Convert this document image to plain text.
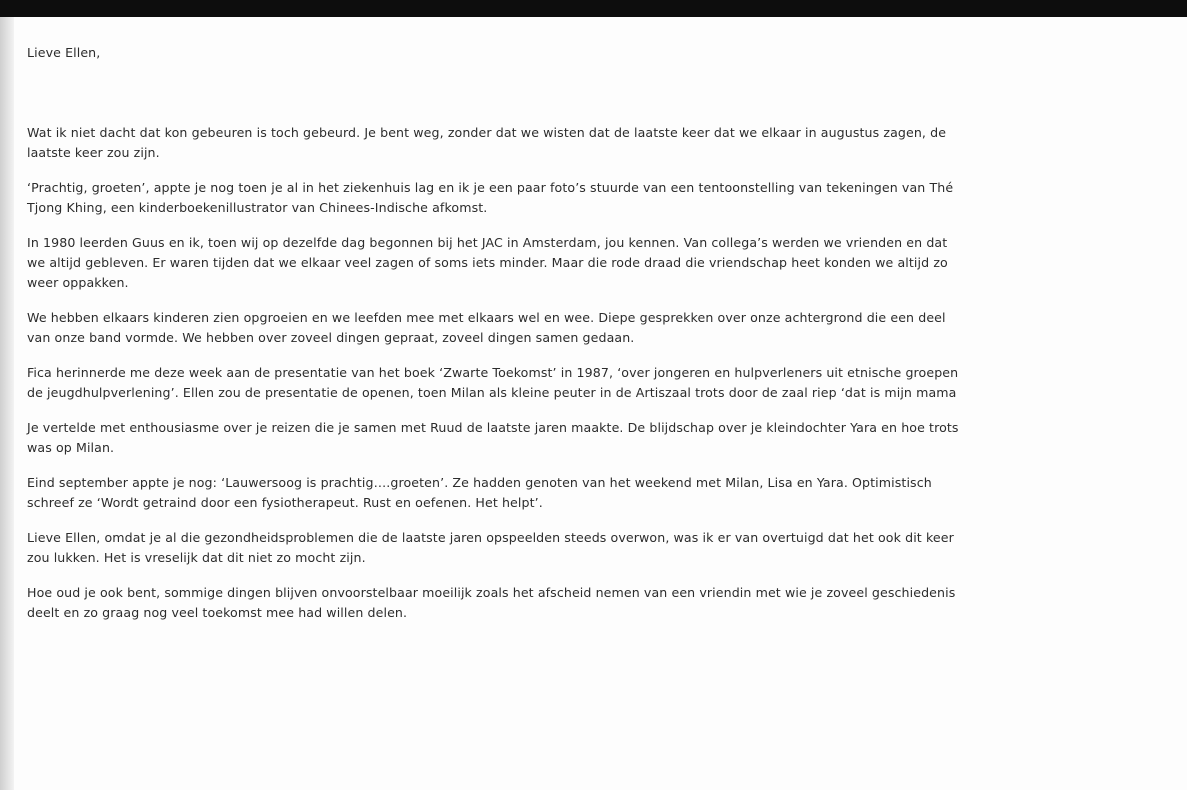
Lieve Ellen,
Wat ik niet dacht dat kon gebeuren is toch gebeurd. Je bent weg, zonder dat we wisten dat de laatste keer dat we elkaar in augustus zagen, de
laatste keer zou zijn.
‘Prachtig, groeten’, appte je nog toen je al in het ziekenhuis lag en ik je een paar foto’s stuurde van een tentoonstelling van tekeningen van Thé
Tjong Khing, een kinderboekenillustrator van Chinees-Indische afkomst.
In 1980 leerden Guus en ik, toen wij op dezelfde dag begonnen bij het JAC in Amsterdam, jou kennen. Van collega’s werden we vrienden en dat
we altijd gebleven. Er waren tijden dat we elkaar veel zagen of soms iets minder. Maar die rode draad die vriendschap heet konden we altijd zo
weer oppakken.
We hebben elkaars kinderen zien opgroeien en we leefden mee met elkaars wel en wee. Diepe gesprekken over onze achtergrond die een deel
van onze band vormde. We hebben over zoveel dingen gepraat, zoveel dingen samen gedaan.
Fica herinnerde me deze week aan de presentatie van het boek ‘Zwarte Toekomst’ in 1987, ‘over jongeren en hulpverleners uit etnische groepen
de jeugdhulpverlening’. Ellen zou de presentatie de openen, toen Milan als kleine peuter in de Artiszaal trots door de zaal riep ‘dat is mijn mama
Je vertelde met enthousiasme over je reizen die je samen met Ruud de laatste jaren maakte. De blijdschap over je kleindochter Yara en hoe trots
was op Milan.
Eind september appte je nog: ‘Lauwersoog is prachtig….groeten’. Ze hadden genoten van het weekend met Milan, Lisa en Yara. Optimistisch
schreef ze ‘Wordt getraind door een fysiotherapeut. Rust en oefenen. Het helpt’.
Lieve Ellen, omdat je al die gezondheidsproblemen die de laatste jaren opspeelden steeds overwon, was ik er van overtuigd dat het ook dit keer
zou lukken. Het is vreselijk dat dit niet zo mocht zijn.
Hoe oud je ook bent, sommige dingen blijven onvoorstelbaar moeilijk zoals het afscheid nemen van een vriendin met wie je zoveel geschiedenis
deelt en zo graag nog veel toekomst mee had willen delen.
